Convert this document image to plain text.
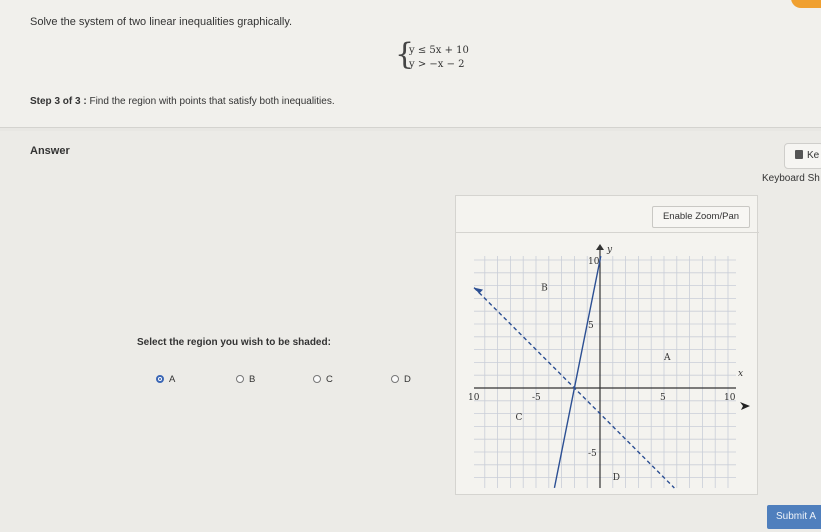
Solve the system of two linear inequalities graphically.
{
y ≤ 5x + 10
y > −x − 2
Step 3 of 3 : Find the region with points that satisfy both inequalities.
Answer	Ke
Keyboard Sh
Select the region you wish to be shaded:
A	B	C	D
Enable Zoom/Pan
10	-5	5	10
10
5
-5
x
y
A
B
C
D
Submit A
